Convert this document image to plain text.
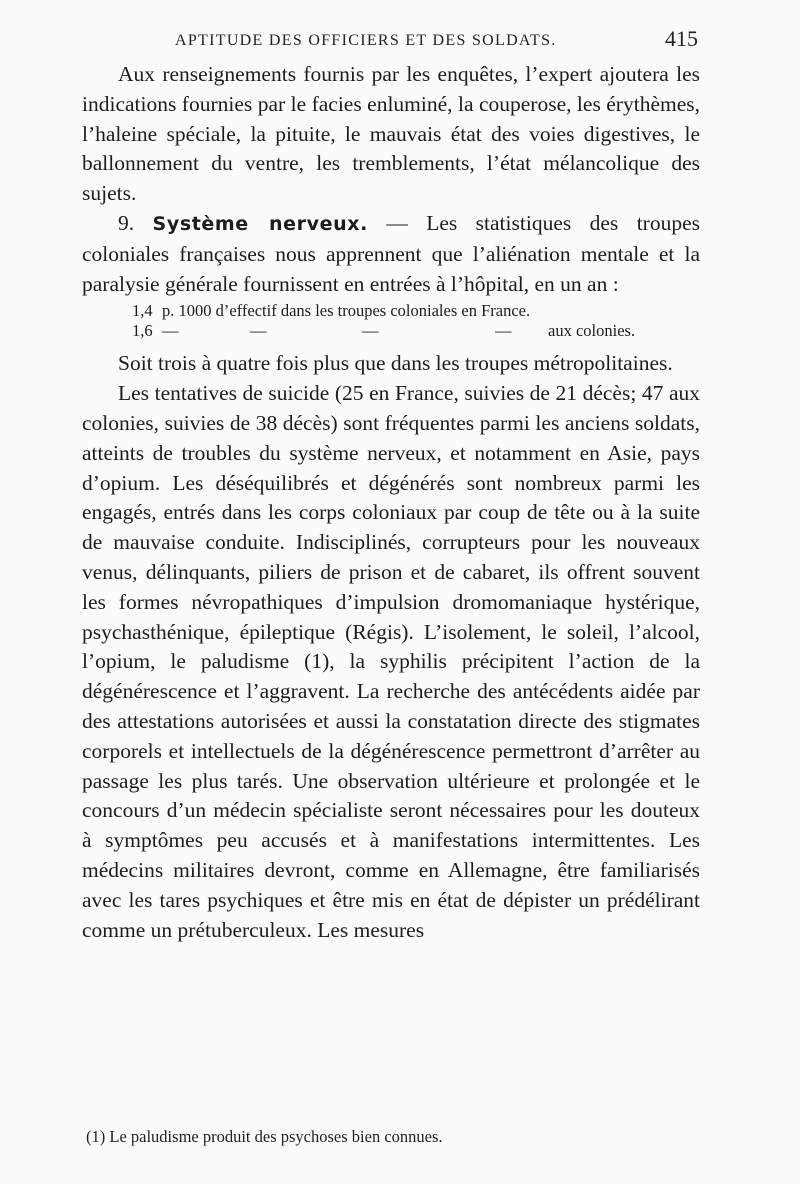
APTITUDE DES OFFICIERS ET DES SOLDATS.	415

Aux renseignements fournis par les enquêtes, l’expert ajoutera les indications fournies par le facies enluminé, la couperose, les érythèmes, l’haleine spéciale, la pituite, le mauvais état des voies digestives, le ballonnement du ventre, les tremblements, l’état mélancolique des sujets.

9. Système nerveux. — Les statistiques des troupes coloniales françaises nous apprennent que l’aliénation mentale et la paralysie générale fournissent en entrées à l’hôpital, en un an :

1,4 p. 1000 d’effectif dans les troupes coloniales en France.
1,6 —	—	—	— aux colonies.

Soit trois à quatre fois plus que dans les troupes métropolitaines.

Les tentatives de suicide (25 en France, suivies de 21 décès; 47 aux colonies, suivies de 38 décès) sont fréquentes parmi les anciens soldats, atteints de troubles du système nerveux, et notamment en Asie, pays d’opium. Les déséquilibrés et dégénérés sont nombreux parmi les engagés, entrés dans les corps coloniaux par coup de tête ou à la suite de mauvaise conduite. Indisciplinés, corrupteurs pour les nouveaux venus, délinquants, piliers de prison et de cabaret, ils offrent souvent les formes névropathiques d’impulsion dromomaniaque hystérique, psychasthénique, épileptique (Régis). L’isolement, le soleil, l’alcool, l’opium, le paludisme (1), la syphilis précipitent l’action de la dégénérescence et l’aggravent. La recherche des antécédents aidée par des attestations autorisées et aussi la constatation directe des stigmates corporels et intellectuels de la dégénérescence permettront d’arrêter au passage les plus tarés. Une observation ultérieure et prolongée et le concours d’un médecin spécialiste seront nécessaires pour les douteux à symptômes peu accusés et à manifestations intermittentes. Les médecins militaires devront, comme en Allemagne, être familiarisés avec les tares psychiques et être mis en état de dépister un prédélirant comme un prétuberculeux. Les mesures

(1) Le paludisme produit des psychoses bien connues.
